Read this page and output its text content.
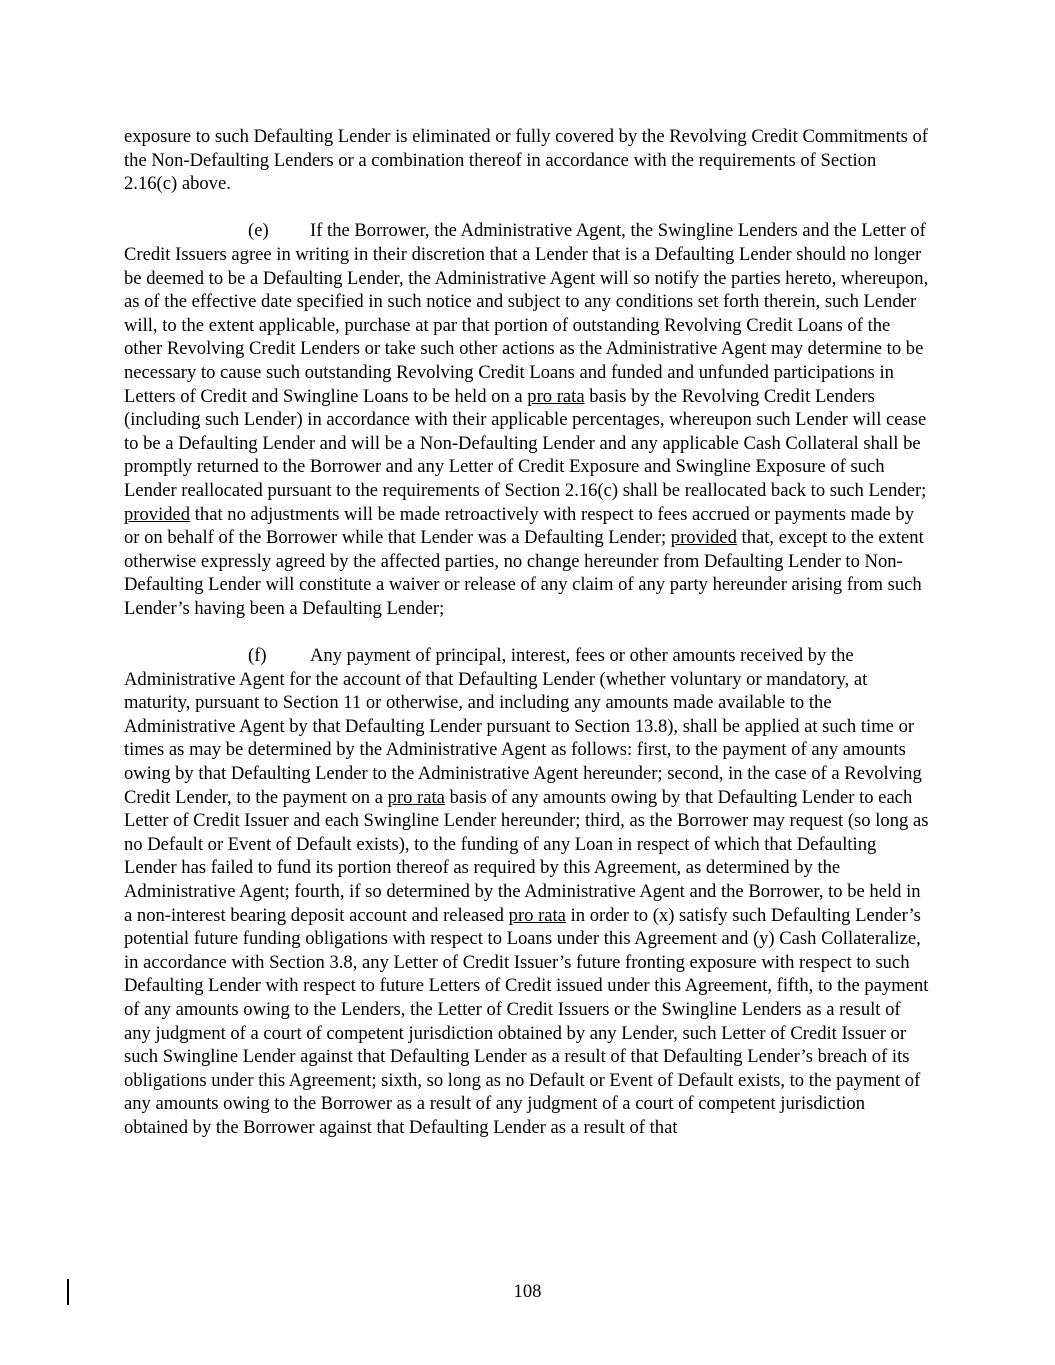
exposure to such Defaulting Lender is eliminated or fully covered by the Revolving Credit Commitments of the Non-Defaulting Lenders or a combination thereof in accordance with the requirements of Section 2.16(c) above.

(e) If the Borrower, the Administrative Agent, the Swingline Lenders and the Letter of Credit Issuers agree in writing in their discretion that a Lender that is a Defaulting Lender should no longer be deemed to be a Defaulting Lender, the Administrative Agent will so notify the parties hereto, whereupon, as of the effective date specified in such notice and subject to any conditions set forth therein, such Lender will, to the extent applicable, purchase at par that portion of outstanding Revolving Credit Loans of the other Revolving Credit Lenders or take such other actions as the Administrative Agent may determine to be necessary to cause such outstanding Revolving Credit Loans and funded and unfunded participations in Letters of Credit and Swingline Loans to be held on a pro rata basis by the Revolving Credit Lenders (including such Lender) in accordance with their applicable percentages, whereupon such Lender will cease to be a Defaulting Lender and will be a Non-Defaulting Lender and any applicable Cash Collateral shall be promptly returned to the Borrower and any Letter of Credit Exposure and Swingline Exposure of such Lender reallocated pursuant to the requirements of Section 2.16(c) shall be reallocated back to such Lender; provided that no adjustments will be made retroactively with respect to fees accrued or payments made by or on behalf of the Borrower while that Lender was a Defaulting Lender; provided that, except to the extent otherwise expressly agreed by the affected parties, no change hereunder from Defaulting Lender to Non-Defaulting Lender will constitute a waiver or release of any claim of any party hereunder arising from such Lender’s having been a Defaulting Lender;

(f) Any payment of principal, interest, fees or other amounts received by the Administrative Agent for the account of that Defaulting Lender (whether voluntary or mandatory, at maturity, pursuant to Section 11 or otherwise, and including any amounts made available to the Administrative Agent by that Defaulting Lender pursuant to Section 13.8), shall be applied at such time or times as may be determined by the Administrative Agent as follows: first, to the payment of any amounts owing by that Defaulting Lender to the Administrative Agent hereunder; second, in the case of a Revolving Credit Lender, to the payment on a pro rata basis of any amounts owing by that Defaulting Lender to each Letter of Credit Issuer and each Swingline Lender hereunder; third, as the Borrower may request (so long as no Default or Event of Default exists), to the funding of any Loan in respect of which that Defaulting Lender has failed to fund its portion thereof as required by this Agreement, as determined by the Administrative Agent; fourth, if so determined by the Administrative Agent and the Borrower, to be held in a non-interest bearing deposit account and released pro rata in order to (x) satisfy such Defaulting Lender’s potential future funding obligations with respect to Loans under this Agreement and (y) Cash Collateralize, in accordance with Section 3.8, any Letter of Credit Issuer’s future fronting exposure with respect to such Defaulting Lender with respect to future Letters of Credit issued under this Agreement, fifth, to the payment of any amounts owing to the Lenders, the Letter of Credit Issuers or the Swingline Lenders as a result of any judgment of a court of competent jurisdiction obtained by any Lender, such Letter of Credit Issuer or such Swingline Lender against that Defaulting Lender as a result of that Defaulting Lender’s breach of its obligations under this Agreement; sixth, so long as no Default or Event of Default exists, to the payment of any amounts owing to the Borrower as a result of any judgment of a court of competent jurisdiction obtained by the Borrower against that Defaulting Lender as a result of that

108
